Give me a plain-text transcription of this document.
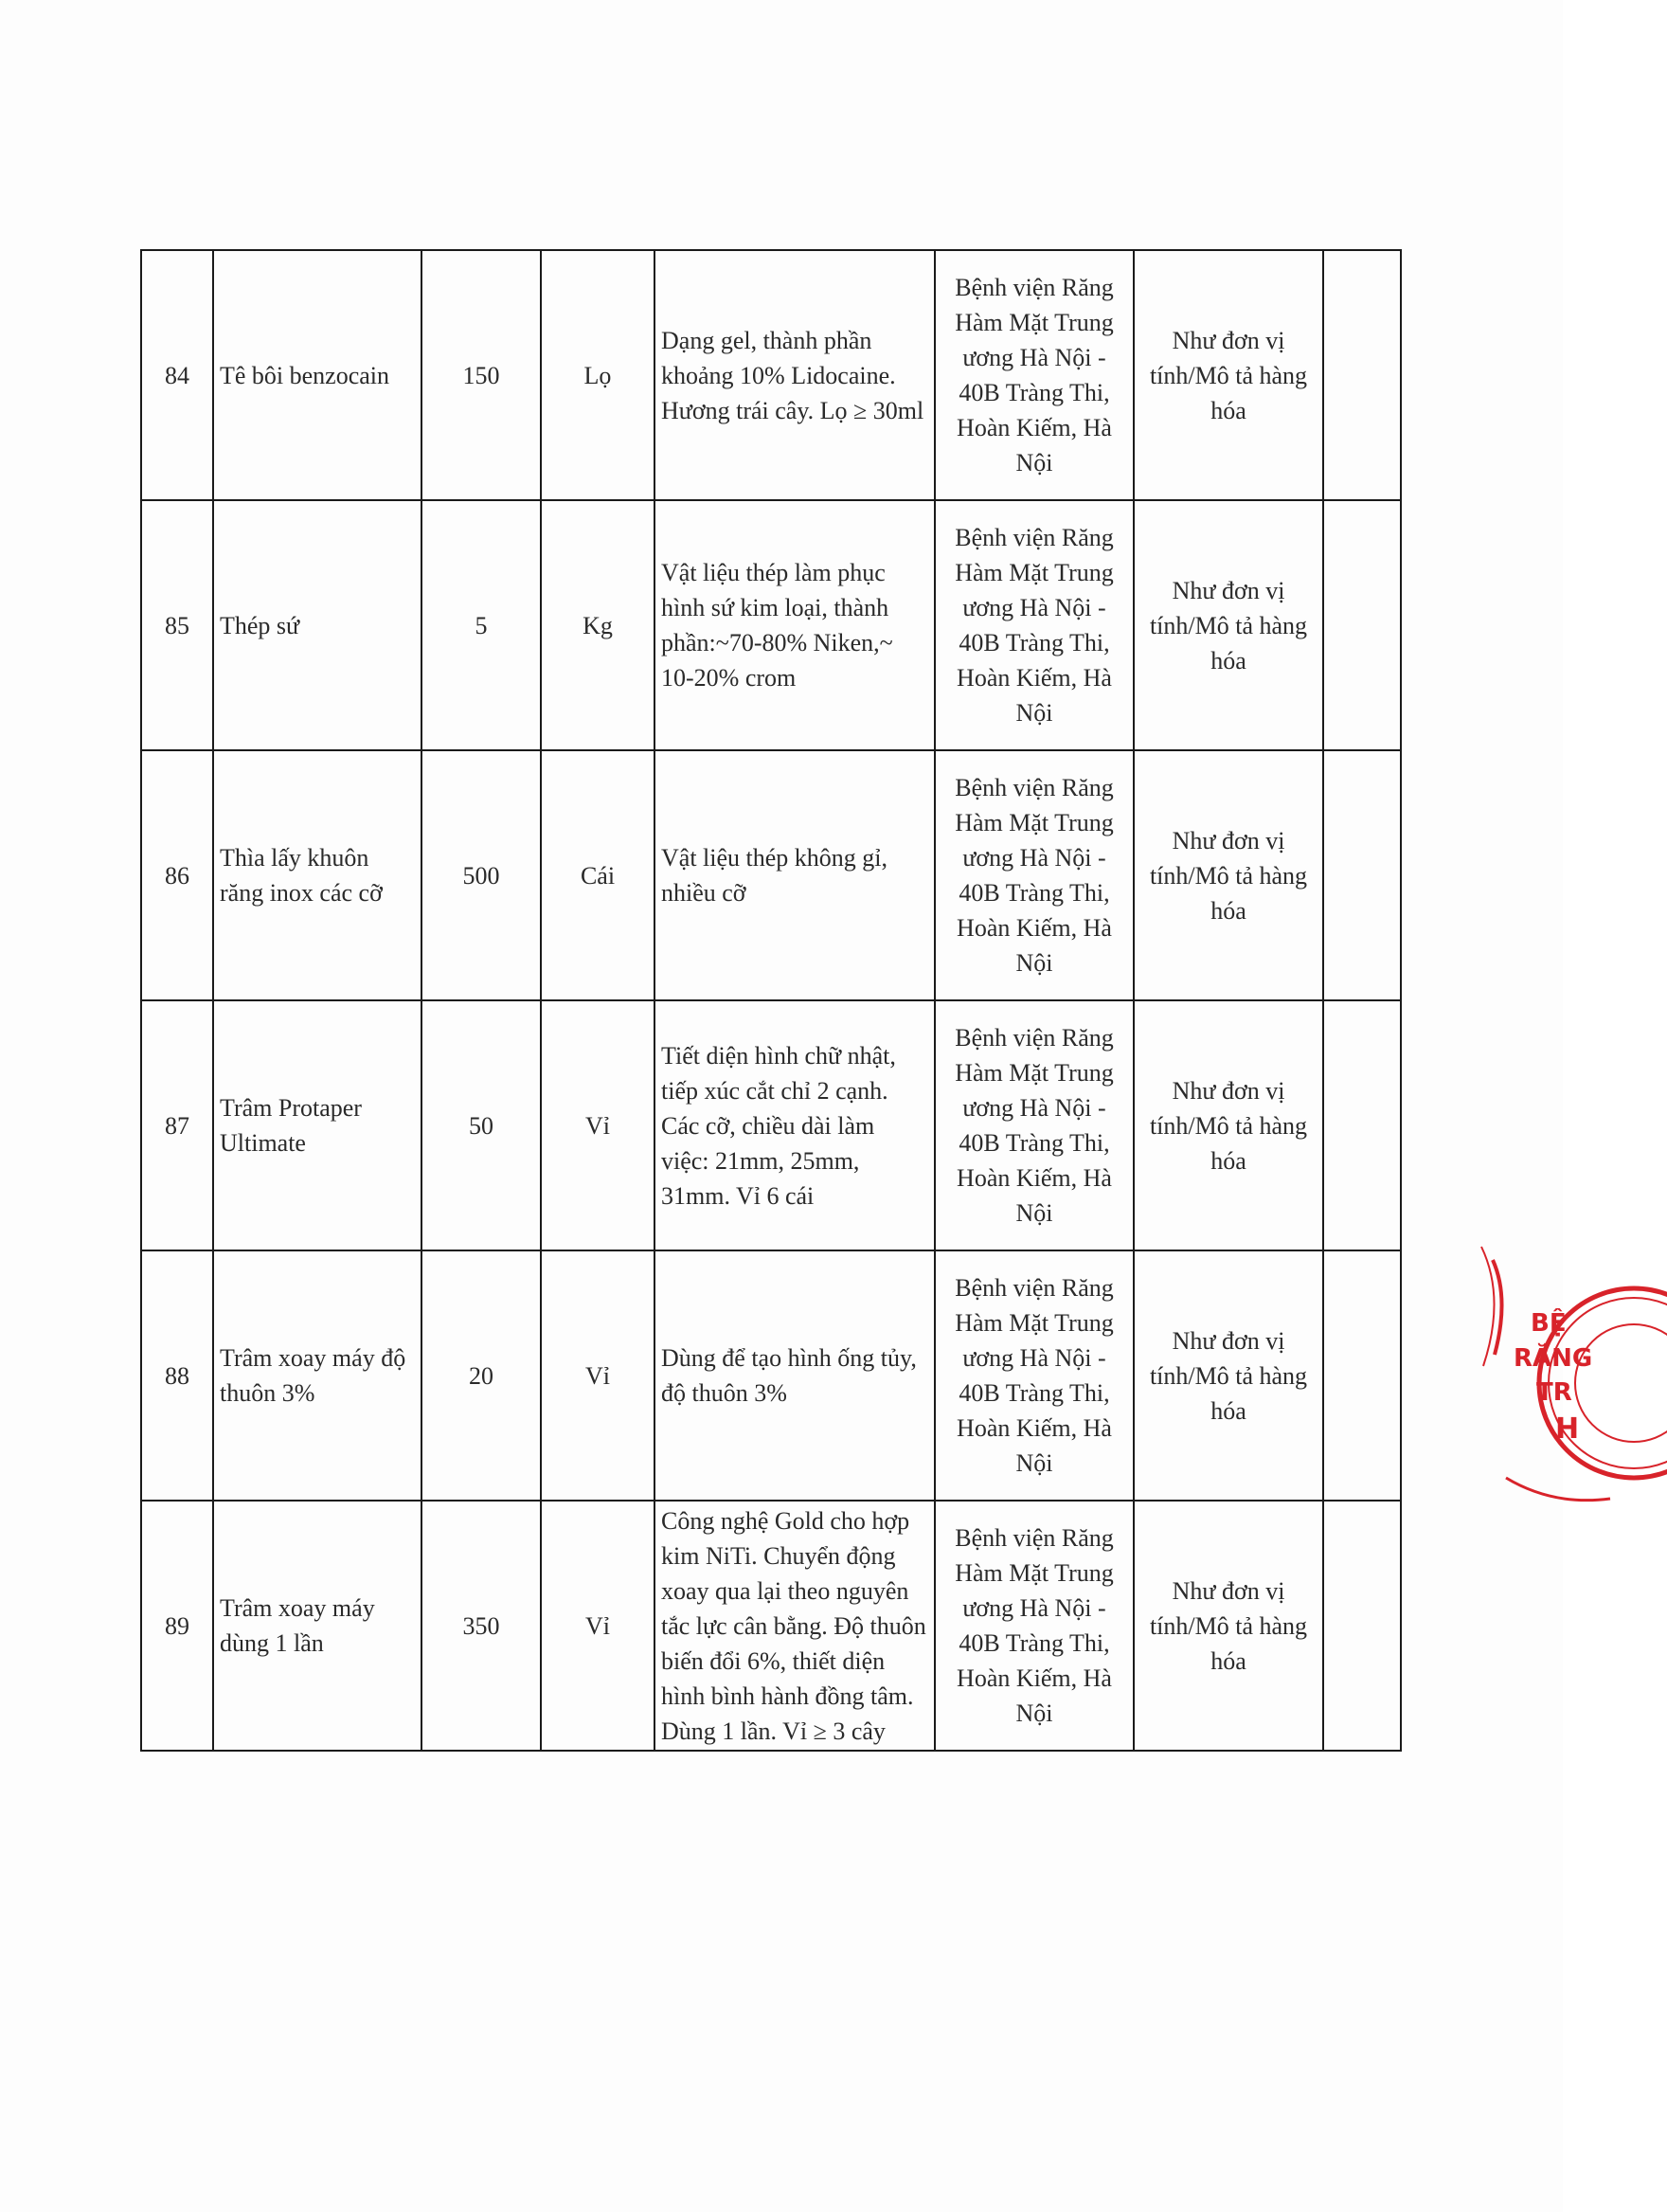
84	Tê bôi benzocain	150	Lọ	Dạng gel, thành phần khoảng 10% Lidocaine. Hương trái cây. Lọ ≥ 30ml	Bệnh viện Răng Hàm Mặt Trung ương Hà Nội - 40B Tràng Thi, Hoàn Kiếm, Hà Nội	Như đơn vị tính/Mô tả hàng hóa	
85	Thép sứ	5	Kg	Vật liệu thép làm phục hình sứ kim loại, thành phần:~70-80% Niken,~ 10-20% crom	Bệnh viện Răng Hàm Mặt Trung ương Hà Nội - 40B Tràng Thi, Hoàn Kiếm, Hà Nội	Như đơn vị tính/Mô tả hàng hóa	
86	Thìa lấy khuôn răng inox các cỡ	500	Cái	Vật liệu thép không gỉ, nhiều cỡ	Bệnh viện Răng Hàm Mặt Trung ương Hà Nội - 40B Tràng Thi, Hoàn Kiếm, Hà Nội	Như đơn vị tính/Mô tả hàng hóa	
87	Trâm Protaper Ultimate	50	Vỉ	Tiết diện hình chữ nhật, tiếp xúc cắt chỉ 2 cạnh. Các cỡ, chiều dài làm việc: 21mm, 25mm, 31mm. Vỉ 6 cái	Bệnh viện Răng Hàm Mặt Trung ương Hà Nội - 40B Tràng Thi, Hoàn Kiếm, Hà Nội	Như đơn vị tính/Mô tả hàng hóa	
88	Trâm xoay máy độ thuôn 3%	20	Vỉ	Dùng để tạo hình ống tủy, độ thuôn 3%	Bệnh viện Răng Hàm Mặt Trung ương Hà Nội - 40B Tràng Thi, Hoàn Kiếm, Hà Nội	Như đơn vị tính/Mô tả hàng hóa	
89	Trâm xoay máy dùng 1 lần	350	Vỉ	Công nghệ Gold cho hợp kim NiTi. Chuyển động xoay qua lại theo nguyên tắc lực cân bằng. Độ thuôn biến đổi 6%, thiết diện hình bình hành đồng tâm. Dùng 1 lần. Vỉ ≥ 3 cây	Bệnh viện Răng Hàm Mặt Trung ương Hà Nội - 40B Tràng Thi, Hoàn Kiếm, Hà Nội	Như đơn vị tính/Mô tả hàng hóa	
BỆ
RĂNG
TR
H
